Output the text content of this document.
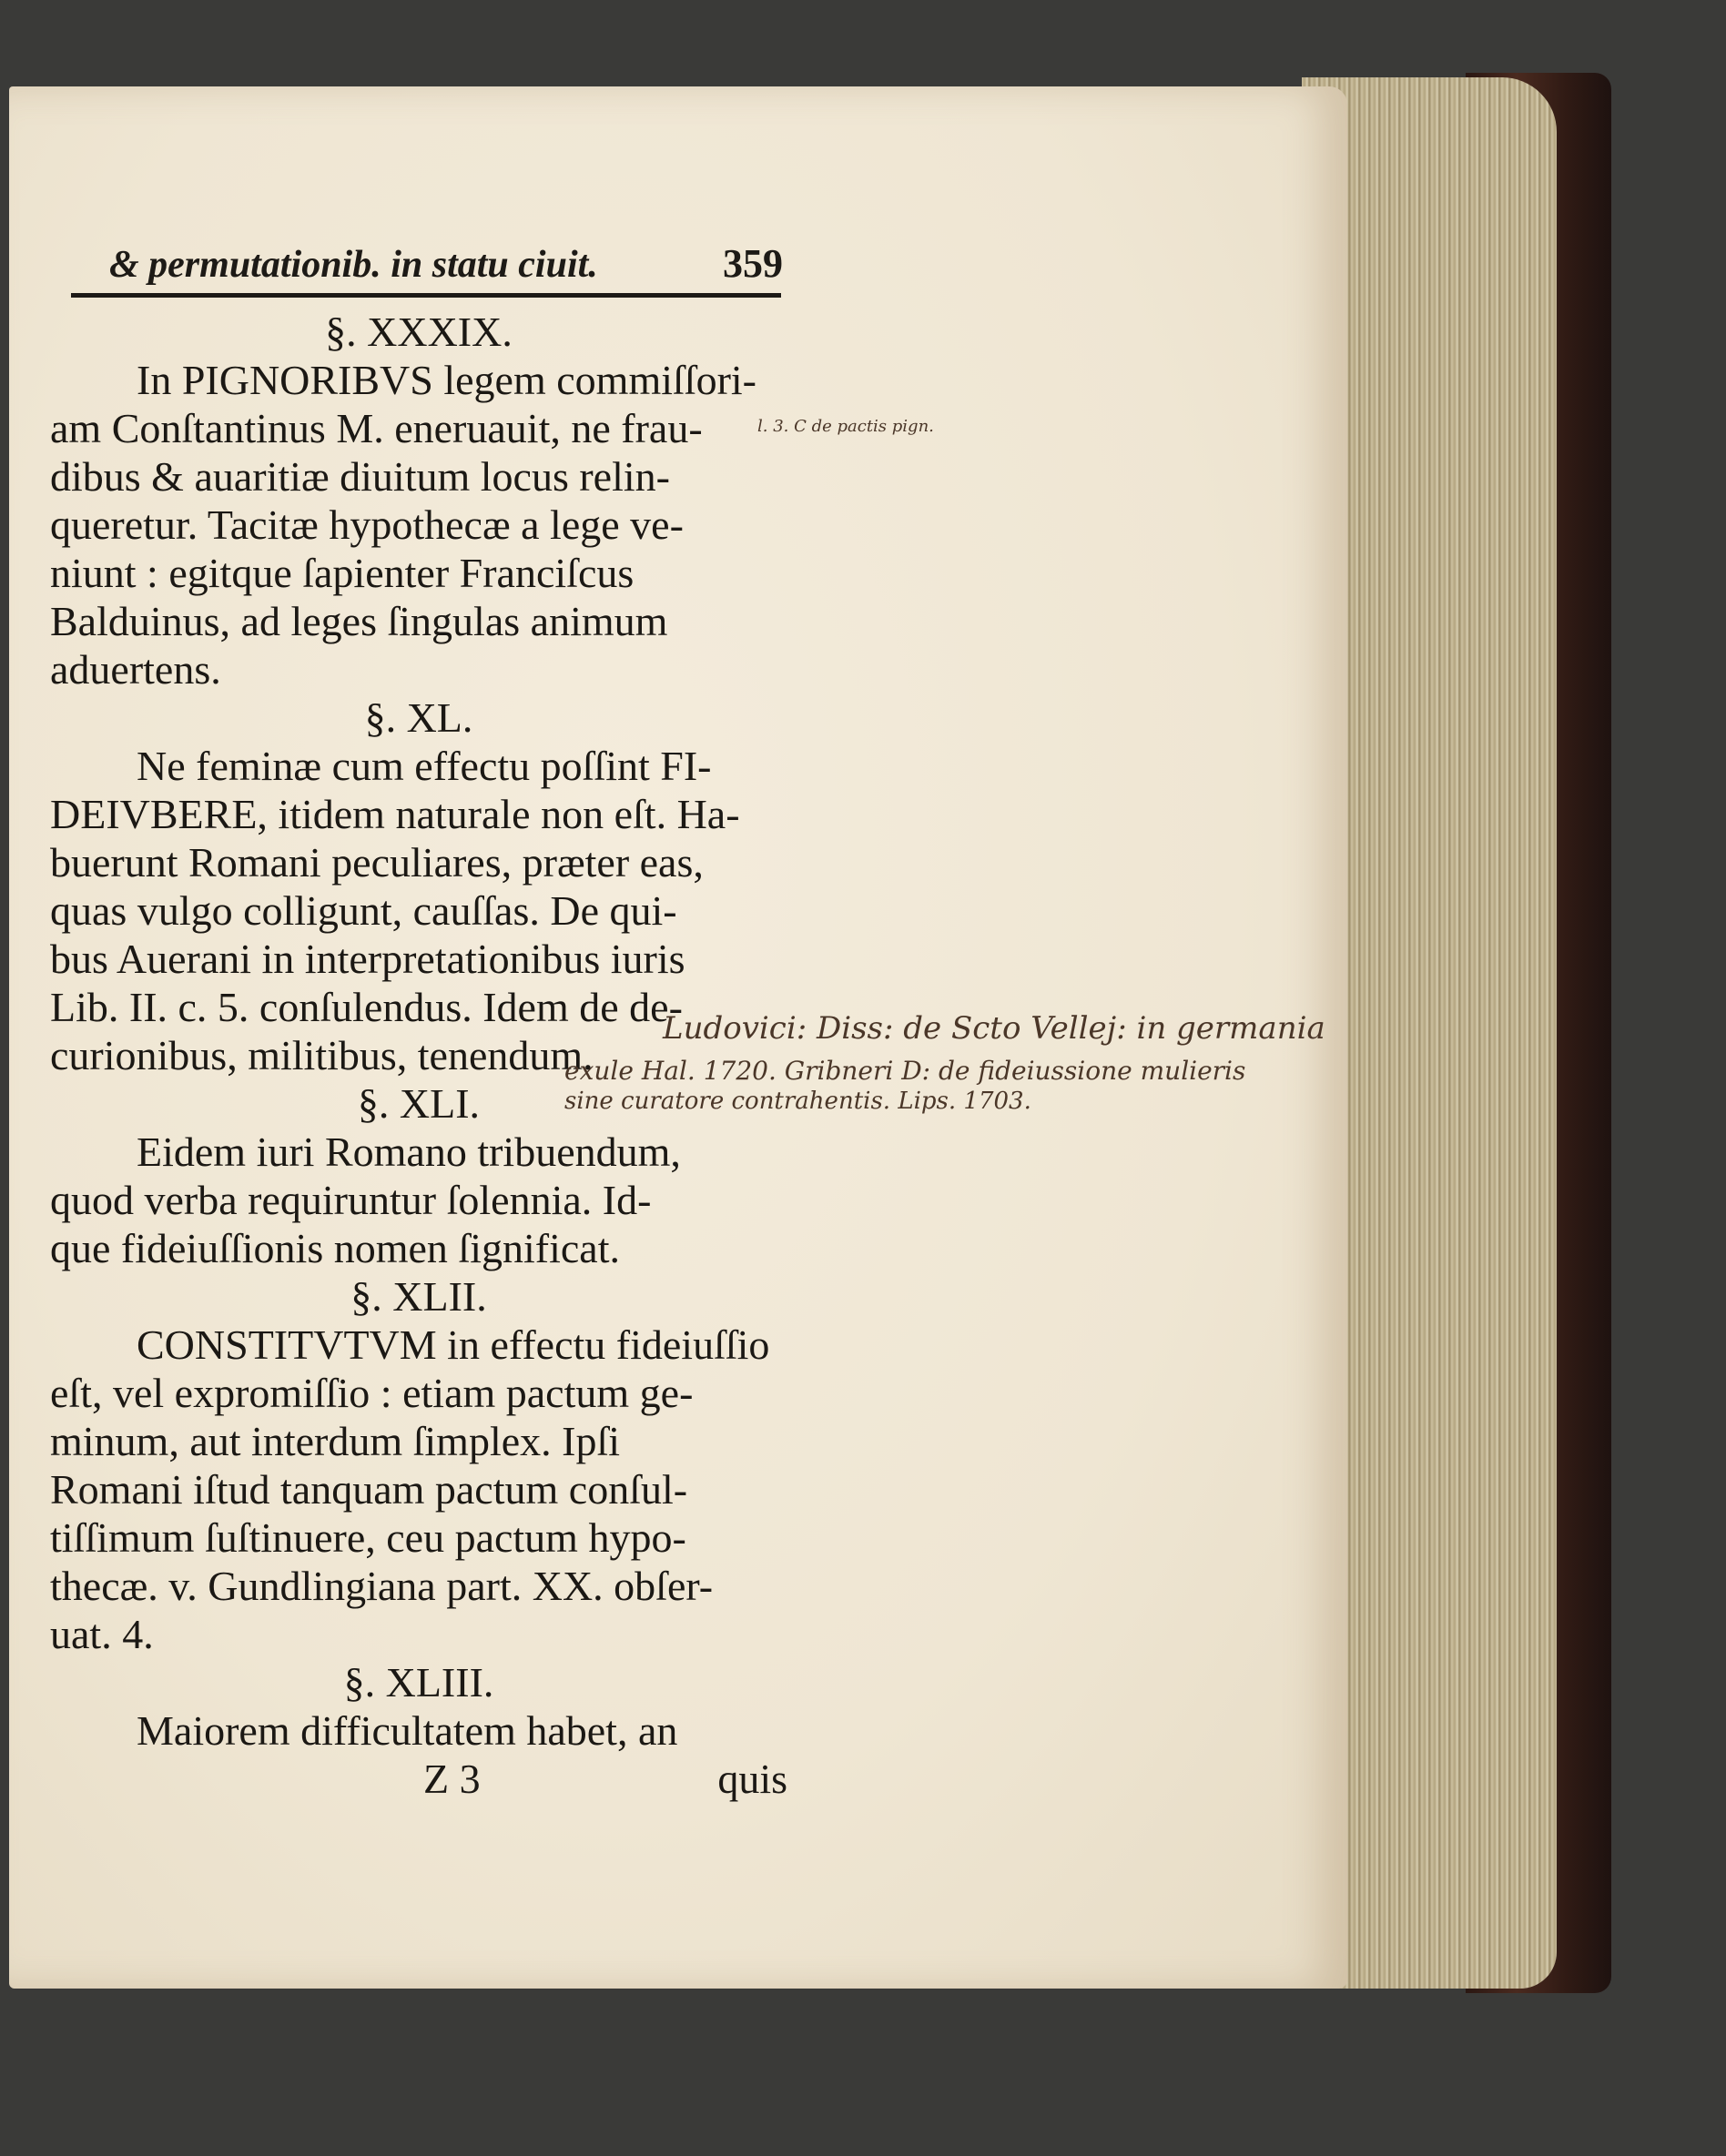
& permutationib. in statu ciuit.	359
§. XXXIX.
In PIGNORIBVS legem commiſſori-
am Conſtantinus M. eneruauit, ne frau-
dibus & auaritiæ diuitum locus relin-
queretur. Tacitæ hypothecæ a lege ve-
niunt : egitque ſapienter Franciſcus
Balduinus, ad leges ſingulas animum
aduertens.
§. XL.
Ne feminæ cum effectu poſſint FI-
DEIVBERE, itidem naturale non eſt. Ha-
buerunt Romani peculiares, præter eas,
quas vulgo colligunt, cauſſas. De qui-
bus Auerani in interpretationibus iuris
Lib. II. c. 5. conſulendus. Idem de de-
curionibus, militibus, tenendum.
§. XLI.
Eidem iuri Romano tribuendum,
quod verba requiruntur ſolennia. Id-
que fideiuſſionis nomen ſignificat.
§. XLII.
CONSTITVTVM in effectu fideiuſſio
eſt, vel expromiſſio : etiam pactum ge-
minum, aut interdum ſimplex. Ipſi
Romani iſtud tanquam pactum conſul-
tiſſimum ſuſtinuere, ceu pactum hypo-
thecæ. v. Gundlingiana part. XX. obſer-
uat. 4.
§. XLIII.
Maiorem difficultatem habet, an
Z 3	quis
l. 3. C de pactis pign.
Ludovici: Diss: de Scto Vellej: in germania
exule Hal. 1720. Gribneri D: de fideiussione mulieris
sine curatore contrahentis. Lips. 1703.
